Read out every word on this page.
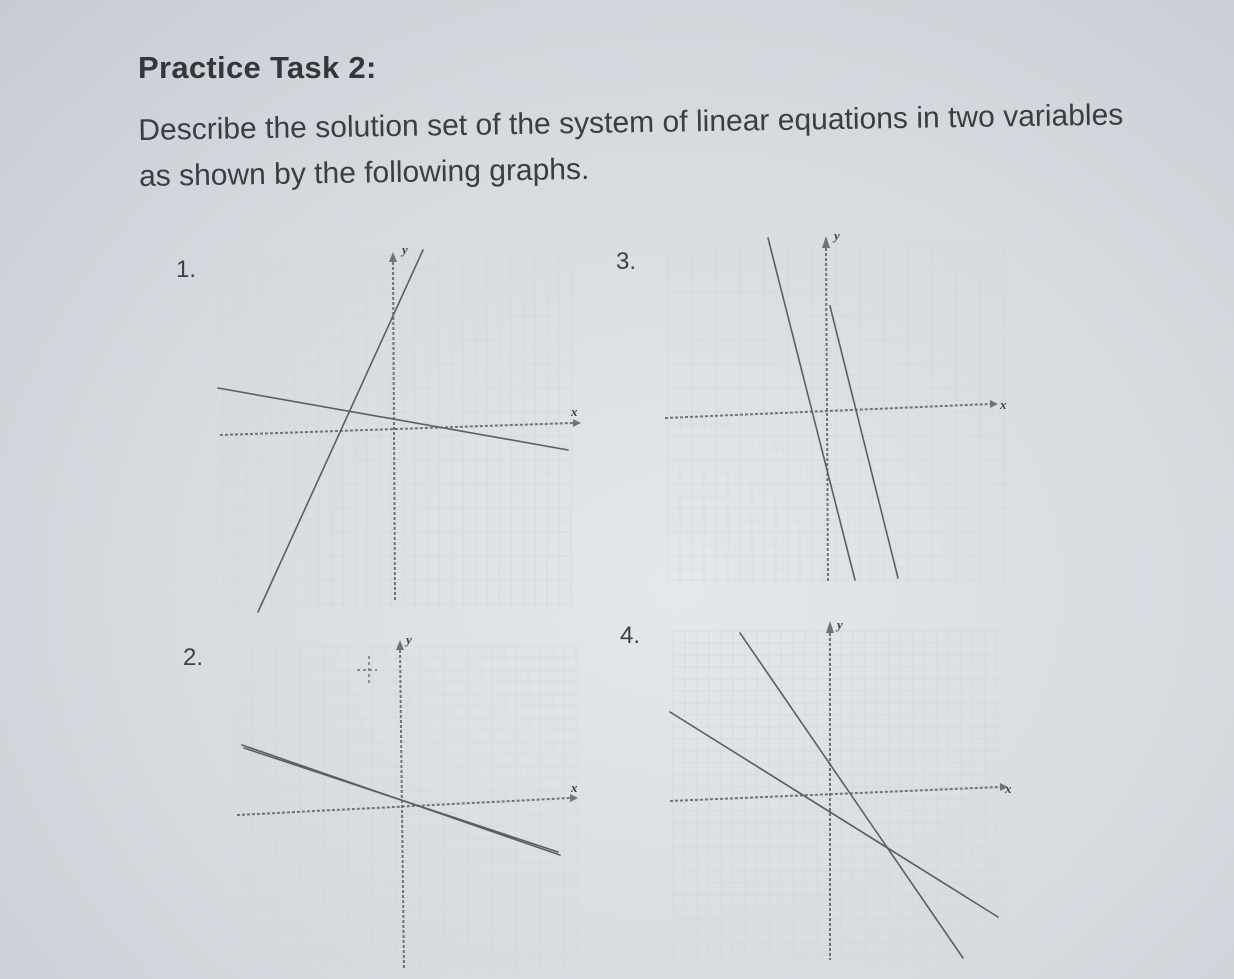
Practice Task 2:

Describe the solution set of the system of linear equations in two variables as shown by the following graphs.

1.
y
x
2.
y
x
3.
y
x
4.	y
x
